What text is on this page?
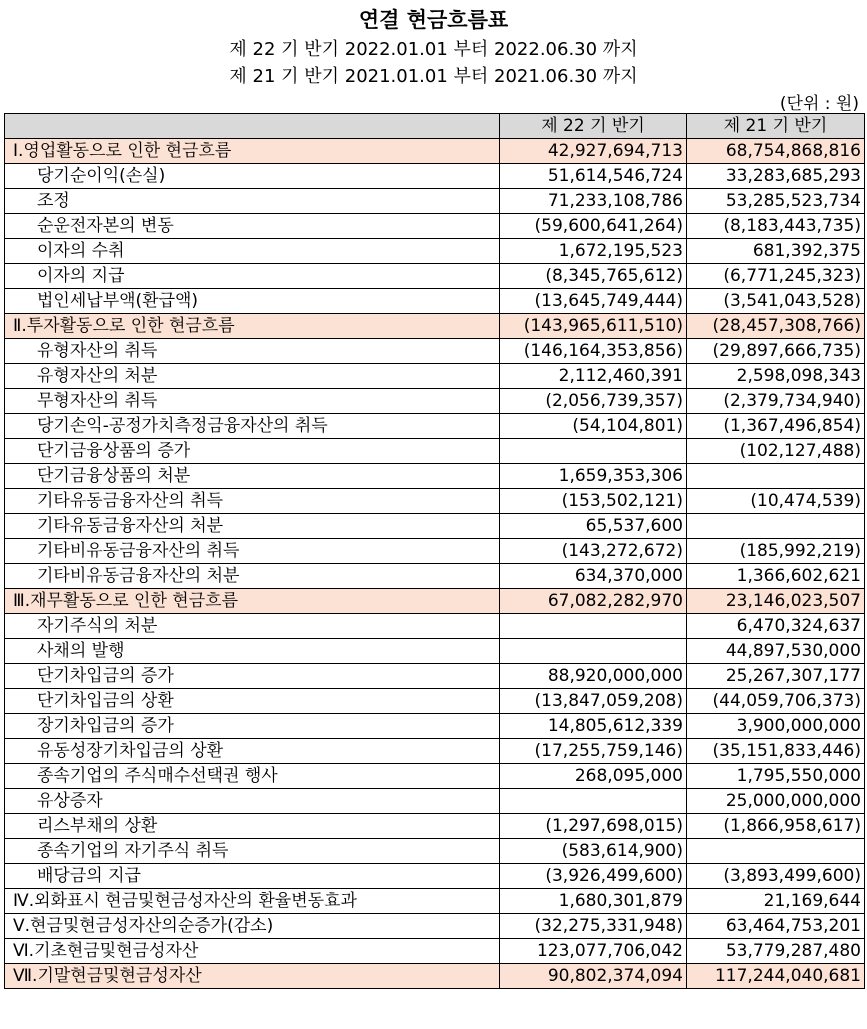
연결 현금흐름표
제 22 기 반기 2022.01.01 부터 2022.06.30 까지
제 21 기 반기 2021.01.01 부터 2021.06.30 까지
(단위 : 원)
	제 22 기 반기	제 21 기 반기
Ⅰ.영업활동으로 인한 현금흐름	42,927,694,713	68,754,868,816
당기순이익(손실)	51,614,546,724	33,283,685,293
조정	71,233,108,786	53,285,523,734
순운전자본의 변동	(59,600,641,264)	(8,183,443,735)
이자의 수취	1,672,195,523	681,392,375
이자의 지급	(8,345,765,612)	(6,771,245,323)
법인세납부액(환급액)	(13,645,749,444)	(3,541,043,528)
Ⅱ.투자활동으로 인한 현금흐름	(143,965,611,510)	(28,457,308,766)
유형자산의 취득	(146,164,353,856)	(29,897,666,735)
유형자산의 처분	2,112,460,391	2,598,098,343
무형자산의 취득	(2,056,739,357)	(2,379,734,940)
당기손익-공정가치측정금융자산의 취득	(54,104,801)	(1,367,496,854)
단기금융상품의 증가		(102,127,488)
단기금융상품의 처분	1,659,353,306	
기타유동금융자산의 취득	(153,502,121)	(10,474,539)
기타유동금융자산의 처분	65,537,600	
기타비유동금융자산의 취득	(143,272,672)	(185,992,219)
기타비유동금융자산의 처분	634,370,000	1,366,602,621
Ⅲ.재무활동으로 인한 현금흐름	67,082,282,970	23,146,023,507
자기주식의 처분		6,470,324,637
사채의 발행		44,897,530,000
단기차입금의 증가	88,920,000,000	25,267,307,177
단기차입금의 상환	(13,847,059,208)	(44,059,706,373)
장기차입금의 증가	14,805,612,339	3,900,000,000
유동성장기차입금의 상환	(17,255,759,146)	(35,151,833,446)
종속기업의 주식매수선택권 행사	268,095,000	1,795,550,000
유상증자		25,000,000,000
리스부채의 상환	(1,297,698,015)	(1,866,958,617)
종속기업의 자기주식 취득	(583,614,900)	
배당금의 지급	(3,926,499,600)	(3,893,499,600)
Ⅳ.외화표시 현금및현금성자산의 환율변동효과	1,680,301,879	21,169,644
Ⅴ.현금및현금성자산의순증가(감소)	(32,275,331,948)	63,464,753,201
Ⅵ.기초현금및현금성자산	123,077,706,042	53,779,287,480
Ⅶ.기말현금및현금성자산	90,802,374,094	117,244,040,681
